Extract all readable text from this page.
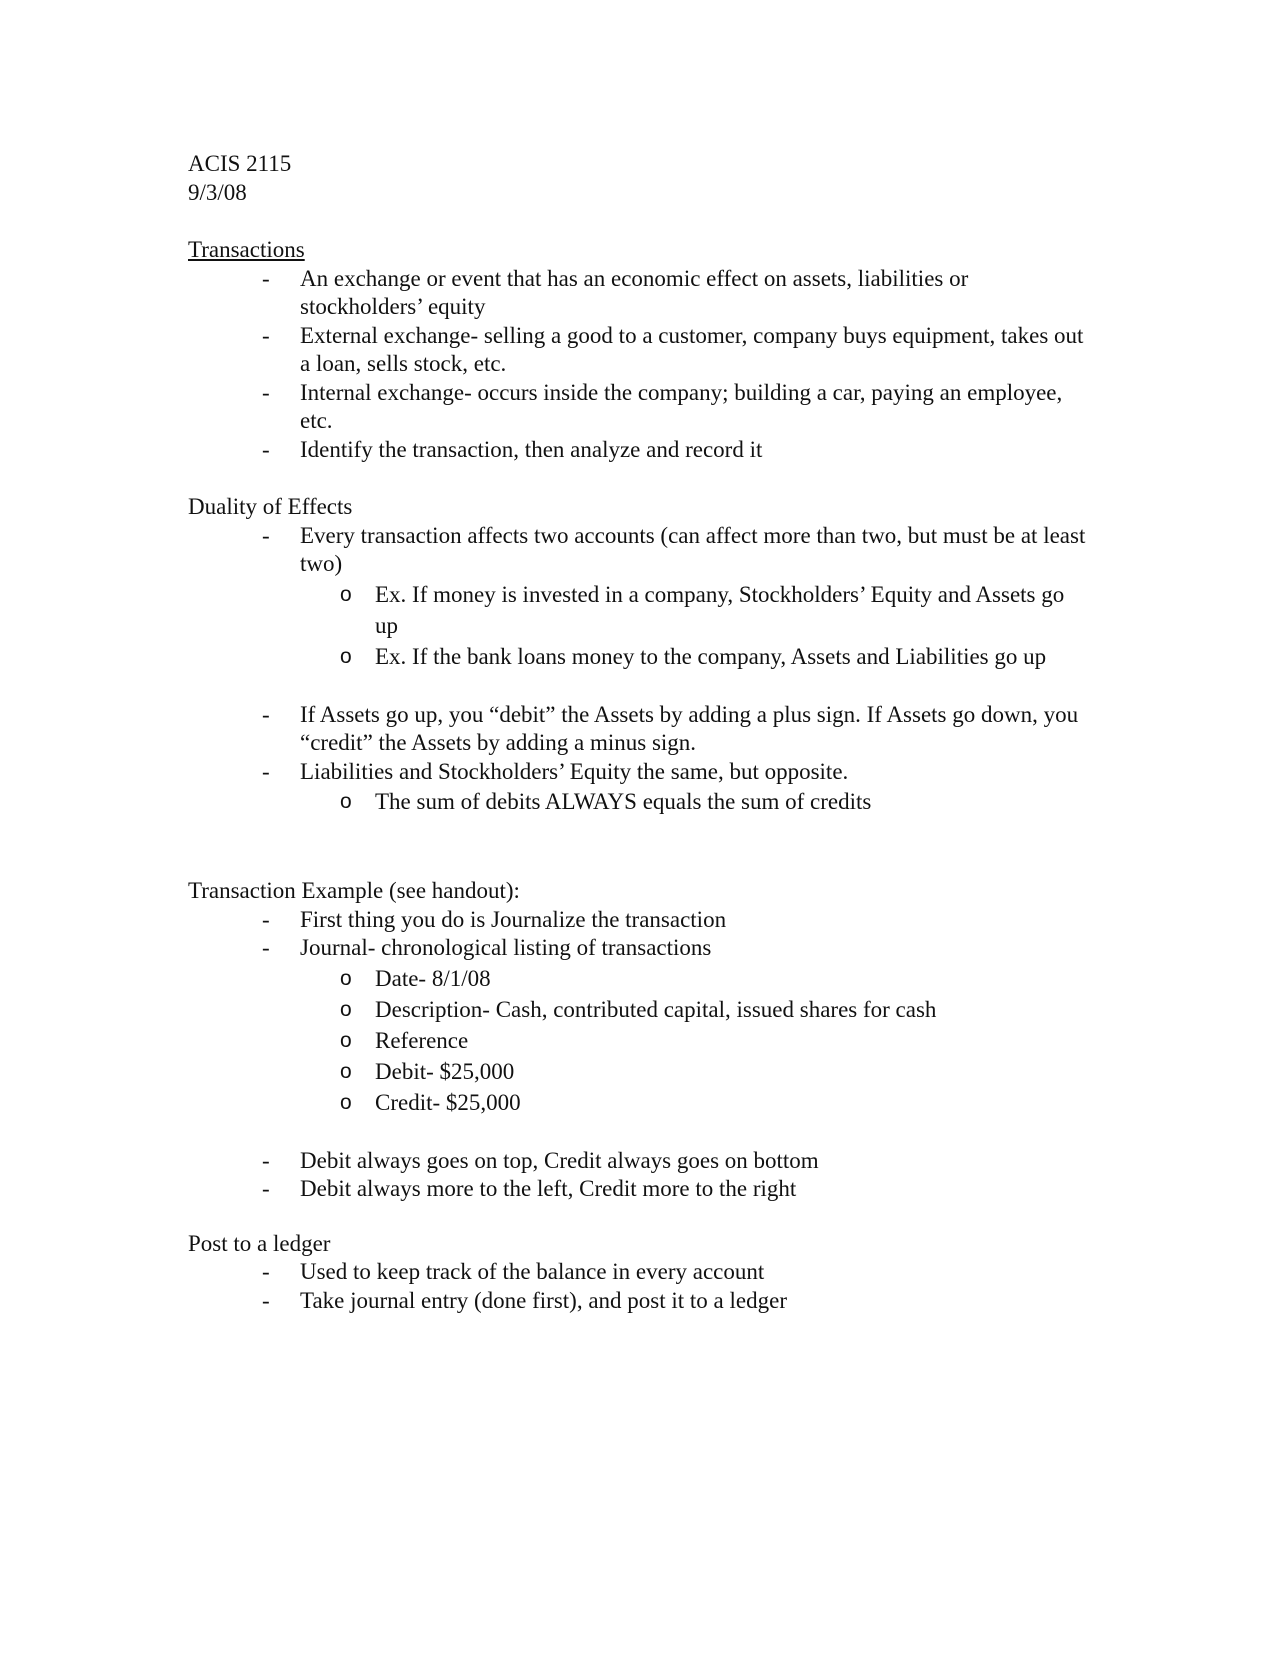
ACIS 2115

9/3/08

Transactions

- An exchange or event that has an economic effect on assets, liabilities or stockholders’ equity

- External exchange- selling a good to a customer, company buys equipment, takes out a loan, sells stock, etc.

- Internal exchange- occurs inside the company; building a car, paying an employee, etc.

- Identify the transaction, then analyze and record it

Duality of Effects

- Every transaction affects two accounts (can affect more than two, but must be at least two)

o Ex. If money is invested in a company, Stockholders’ Equity and Assets go up

o Ex. If the bank loans money to the company, Assets and Liabilities go up

- If Assets go up, you “debit” the Assets by adding a plus sign. If Assets go down, you “credit” the Assets by adding a minus sign.

- Liabilities and Stockholders’ Equity the same, but opposite.

o The sum of debits ALWAYS equals the sum of credits

Transaction Example (see handout):

- First thing you do is Journalize the transaction

- Journal- chronological listing of transactions

o Date- 8/1/08

o Description- Cash, contributed capital, issued shares for cash

o Reference

o Debit- $25,000

o Credit- $25,000

- Debit always goes on top, Credit always goes on bottom

- Debit always more to the left, Credit more to the right

Post to a ledger

- Used to keep track of the balance in every account

- Take journal entry (done first), and post it to a ledger
